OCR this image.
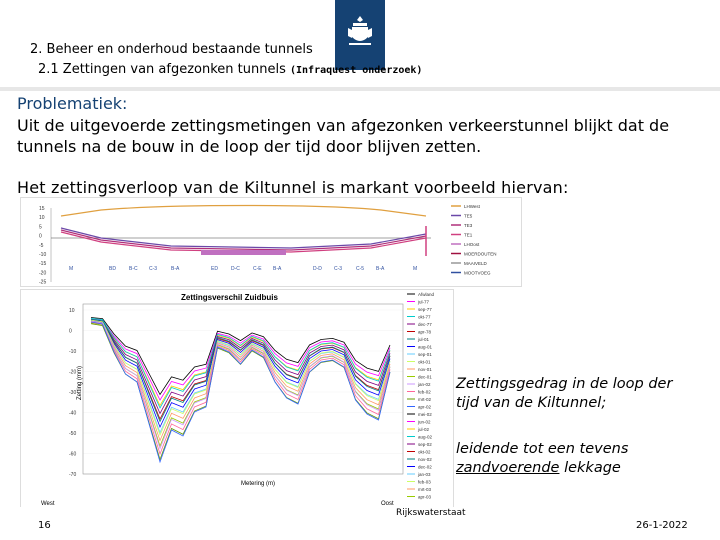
2. Beheer en onderhoud bestaande tunnels
2.1 Zettingen van afgezonken tunnels (Infraquest onderzoek)
Problematiek:
Uit de uitgevoerde zettingsmetingen van afgezonken verkeerstunnel blijkt dat de tunnels na de bouw in de loop der tijd door blijven zetten.
Het zettingsverloop van de Kiltunnel is markant voorbeeld hiervan:
15
10
5
0
-5
-10
-15
-20
-25
M	BD	B-C C-3	B-A	ED	D-C	C-E B-A	D-D C-3	C-5 B-A	M
LHWest
TE5
TE3
TE1
LHOost
MOERDOUTEN
MAAIVELD
MOOTVOEG
Zettingsverschil Zuidbuis
10
0
-10
-20
-30
-40
-50
-60
-70
Zetting (mm)
Metering (m)
West	Oost
Afwland
jul-77
sep-77
okt-77
dec-77
apr-78
jul-01
aug-01
sep-01
okt-01
nov-01
dec-01
jan-02
feb-02
mrt-02
apr-02
mei-02
jun-02
jul-02
aug-02
sep-02
okt-02
nov-02
dec-02
jan-03
feb-03
mrt-03
apr-03
Zettingsgedrag in de loop der tijd van de Kiltunnel;
leidende tot een tevens zandvoerende lekkage
16
Rijkswaterstaat
26-1-2022
